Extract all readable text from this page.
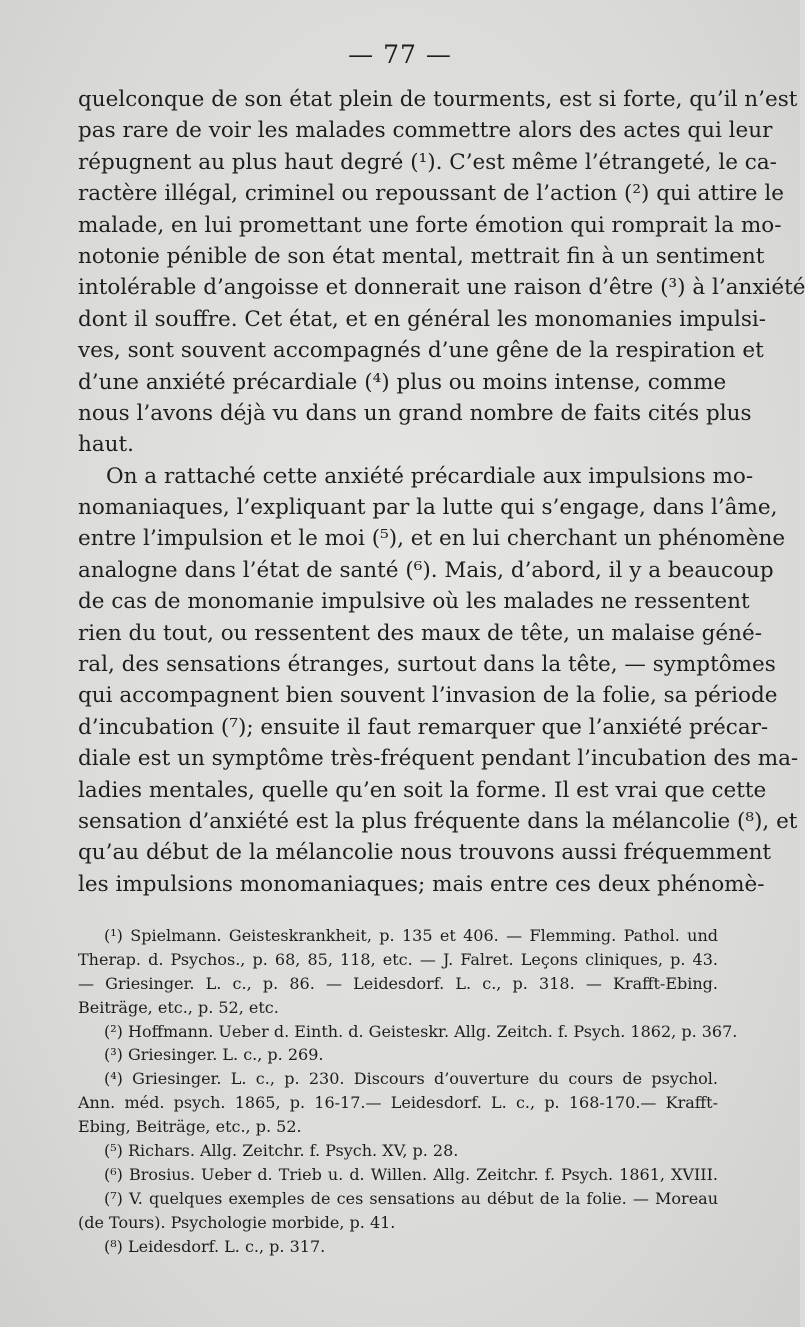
— 77 —
quelconque de son état plein de tourments, est si forte, qu’il n’est
pas rare de voir les malades commettre alors des actes qui leur
répugnent au plus haut degré (¹). C’est même l’étrangeté, le ca-
ractère illégal, criminel ou repoussant de l’action (²) qui attire le
malade, en lui promettant une forte émotion qui romprait la mo-
notonie pénible de son état mental, mettrait fin à un sentiment
intolérable d’angoisse et donnerait une raison d’être (³) à l’anxiété
dont il souffre. Cet état, et en général les monomanies impulsi-
ves, sont souvent accompagnés d’une gêne de la respiration et
d’une anxiété précardiale (⁴) plus ou moins intense, comme
nous l’avons déjà vu dans un grand nombre de faits cités plus
haut.
On a rattaché cette anxiété précardiale aux impulsions mo-
nomaniaques, l’expliquant par la lutte qui s’engage, dans l’âme,
entre l’impulsion et le moi (⁵), et en lui cherchant un phénomène
analogne dans l’état de santé (⁶). Mais, d’abord, il y a beaucoup
de cas de monomanie impulsive où les malades ne ressentent
rien du tout, ou ressentent des maux de tête, un malaise géné-
ral, des sensations étranges, surtout dans la tête, — symptômes
qui accompagnent bien souvent l’invasion de la folie, sa période
d’incubation (⁷); ensuite il faut remarquer que l’anxiété précar-
diale est un symptôme très-fréquent pendant l’incubation des ma-
ladies mentales, quelle qu’en soit la forme. Il est vrai que cette
sensation d’anxiété est la plus fréquente dans la mélancolie (⁸), et
qu’au début de la mélancolie nous trouvons aussi fréquemment
les impulsions monomaniaques; mais entre ces deux phénomè-
(¹) Spielmann. Geisteskrankheit, p. 135 et 406. — Flemming. Pathol. und
Therap. d. Psychos., p. 68, 85, 118, etc. — J. Falret. Leçons cliniques, p. 43.
— Griesinger. L. c., p. 86. — Leidesdorf. L. c., p. 318. — Krafft-Ebing.
Beiträge, etc., p. 52, etc.
(²) Hoffmann. Ueber d. Einth. d. Geisteskr. Allg. Zeitch. f. Psych. 1862, p. 367.
(³) Griesinger. L. c., p. 269.
(⁴) Griesinger. L. c., p. 230. Discours d’ouverture du cours de psychol.
Ann. méd. psych. 1865, p. 16-17.— Leidesdorf. L. c., p. 168-170.— Krafft-
Ebing, Beiträge, etc., p. 52.
(⁵) Richars. Allg. Zeitchr. f. Psych. XV, p. 28.
(⁶) Brosius. Ueber d. Trieb u. d. Willen. Allg. Zeitchr. f. Psych. 1861, XVIII.
(⁷) V. quelques exemples de ces sensations au début de la folie. — Moreau
(de Tours). Psychologie morbide, p. 41.
(⁸) Leidesdorf. L. c., p. 317.
